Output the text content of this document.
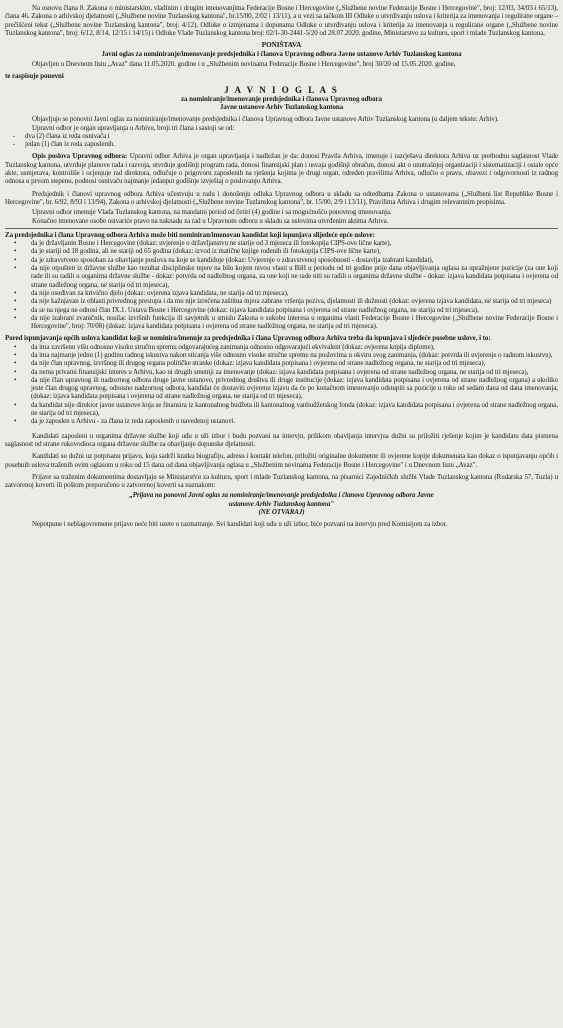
Na osnovu člana 8. Zakona o ministarskim, vladinim i drugim imenovanjima Federacije Bosne i Hercegovine („Službene novine Federacije Bosne i Hercegovine", broj: 12/03, 34/03 i 65/13), člana 46. Zakona o arhivskoj djelatnosti („Službene novine Tuzlanskog kantona", br.15/00, 2/02 i 13/11), a u vezi sa tačkom III Odluke o utvrđivanju uslova i kriterija za imenovanja i regulirane organe – prečišćeni tekst („Službene novine Tuzlanskog kantona", broj: 4/12), Odluke o izmjenama i dopunama Odluke o utvrđivanju uslova i kriterija za imenovanja u regulirane organe („Službene novine Tuzlanskog kantona", broj: 6/12, 8/14, 12/15 i 14/15) i Odluke Vlade Tuzlanskog kantona broj: 02/1-30-2441-5/20 od 28.07.2020. godine, Ministarstvo za kulturu, sport i mladе Tuzlanskog kantona,

PONIŠTAVA

Javni oglas za nominiranje/imenovanje predsjednika i članova Upravnog odbora Javne ustanove Arhiv Tuzlanskog kantona

Objavljen u Dnevnom listu „Avaz" dana 11.05.2020. godine i u „Službenim novinama Federacije Bosne i Hercegovine", broj 30/20 od 15.05.2020. godine,

te raspisuje ponovni

J A V N I O G L A S

za nominiranje/imenovanje predsjednika i članova Upravnog odbora

Javne ustanove Arhiv Tuzlanskog kantona

Objavljuje se ponovni Javni oglas za nominiranje/imenovanje predsjednika i članova Upravnog odbora Javne ustanove Arhiv Tuzlanskog kantona (u daljem tekstu: Arhiv).

Upravni odbor je organ upravljanja u Arhivu, broji tri člana i sastoji se od:

- dva (2) člana iz reda osnivača i
- jedan (1) član iz reda zaposlenih.

Opis poslova Upravnog odbora: Upravni odbor Arhiva je organ upravljanja i nadležan je da: donosi Pravila Arhiva, imenuje i razrješava direktora Arhiva uz prethodnu saglasnost Vlade Tuzlanskog kantona, utvrđuje planove rada i razvoja, utvrđuje godišnji program rada, donosi finansijski plan i usvaja godišnji obračun, donosi akt o unutrašnjoj organizaciji i sistematizaciji i ostale opće akte, usmjerava, kontroliše i ocjenjuje rad direktora, odlučuje o prigovoru zaposlenih na rješenja kojima je drugi organ, određen pravilima Arhiva, odlučio o pravu, obavezi i odgovornosti iz radnog odnosa u prvom stepenu, podnosi osnivaču najmanje jedanput godišnje izvještaj o poslovanju Arhiva.

Predsjednik i članovi upravnog odbora Arhiva učestvuju u radu i donošenju odluka Upravnog odbora u skladu sa odredbama Zakona o ustanovama („Službeni list Republike Bosne i Hercegovine", br. 6/92, 8/93 i 13/94), Zakona o arhivskoj djelatnosti („Službene novine Tuzlanskog kantona", br. 15/00, 2/9 i 13/11), Pravilima Arhiva i drugim relevantnim propisima.

Upravni odbor imenuje Vlada Tuzlanskog kantona, na mandatni period od četiri (4) godine i sa mogućnošću ponovnog imenovanja.

Konačno imenovane osobe ostvariće pravo na naknadu za rad u Upravnom odboru u skladu sa uslovima utvrđenim aktima Arhiva.

Za predsjednika i člana Upravnog odbora Arhiva može biti nominiran/imenovan kandidat koji ispunjava slijedeće opće uslove:

• da je državljanin Bosne i Hercegovine (dokaz: uvjerenje o državljanstvu ne starije od 3 mjeseca ili fotokopija CIPS-ove lične karte),
• da je stariji od 18 godina, ali ne stariji od 65 godina (dokaz: izvod iz matične knjige rođenih ili fotokopija CIPS-ove lične karte),
• da je zdravstveno sposoban za obavljanje poslova na koje se kandiduje (dokaz: Uvjerenje o zdravstvenoj sposobnosti - dostavlja izabrani kandidat),
• da nije otpušten iz državne službe kao rezultat disciplinske mjere na bilo kojem nivou vlasti u BiH u periodu od tri godine prije dana objavljivanja oglasa za upražnjene pozicije (za one koji rade ili su radili u organima državne službe - dokaz: potvrda od nadležnog organa, za one koji ne rade niti su radili u organima državne službe - dokaz: izjava kandidata potpisana i ovjerena od strane nadležnog organa, ne starija od tri mjeseca),
• da nije osuđivan za krivično djelo (dokaz: ovjerena izjava kandidata, ne starija od tri mjeseca),
• da nije kažnjavan iz oblasti privrednog prestupa i da mu nije izrečena zaštitna mjera zabrane vršenja poziva, djelatnosti ili dužnosti (dokaz: ovjerena izjava kandidata, ne starija od tri mjeseca)
• da se na njega ne odnosi član IX.1. Ustava Bosne i Hercegovine (dokaz: izjava kandidata potpisana i ovjerena od strane nadležnog organa, ne starija od tri mjeseca),
• da nije izabrani zvaničnik, nosilac izvršnih funkcija ili savjetnik u smislu Zakona o sukobu interesa u organima vlasti Federacije Bosne i Hercegovine („Službene novine Federacije Bosne i Hercegovine", broj: 70/08) (dokaz: izjava kandidata potpisana i ovjerena od strane nadležnog organa, ne starija od tri mjeseca).

Pored ispunjavanja općih uslova kandidat koji se nominira/imenuje za predsjednika i člana Upravnog odbora Arhiva treba da ispunjava i sljedeće posebne uslove, i to:

• da ima završenu višu odnosno visoku stručnu spremu odgovarajućeg zanimanja odnosno odgovarajući ekvivalent (dokaz: ovjerena kopija diplome),
• da ima najmanje jednu (1) godinu radnog iskustva nakon sticanja više odnosno visoke stručne spreme na poslovima u okviru svog zanimanja, (dokaz: potvrda ili uvjerenje o radnom iskustvu),
• da nije član upravnog, izvršnog ili drugog organa političke stranke (dokaz: izjava kandidata potpisana i ovjerena od strane nadležnog organa, ne starija od tri mjeseca),
• da nema privatni finansijski interes u Arhivu, kao ni drugih smetnji za imenovanje (dokaz: izjava kandidata potpisana i ovjerena od strane nadležnog organa, ne starija od tri mjeseca),
• da nije član upravnog ili nadzornog odbora druge javne ustanove, privrednog društva ili druge institucije (dokaz: izjava kandidata potpisana i ovjerena od strane nadležnog organa) a ukoliko jeste član drugog upravnog, odnosno nadzornog odbora, kandidat će dostaviti ovjerenu izjavu da će po konačnom imenovanju odstupiti sa pozicije u roku od sedam dana od dana imenovanja, (dokaz: izjava kandidata potpisana i ovjerena od strane nadležnog organa, ne starija od tri mjeseca),
• da kandidat nije direktor javne ustanove koja se finansira iz kantonalnog budžeta ili kantonalnog vanbudžetskog fonda (dokaz: izjava kandidata potpisana i ovjerena od strane nadležnog organa, ne starija od tri mjeseca),
• da je zaposlen u Arhivu - za člana iz reda zaposlenih u navedenoj ustanovi.

Kandidati zaposleni u organima državne službe koji uđu u uži izbor i budu pozvani na intervju, prilikom obavljanja intervjua dužni su priložiti rješenje kojim je kandidatu data pismena saglasnost od strane rukovodioca organa državne službe za obavljanje dopunske djelatnosti.

Kandidati su dužni uz potpisanu prijavu, koja sadrži kratku biografiju, adresu i kontakt telefon, priložiti originalne dokumente ili ovjerene kopije dokumenata kao dokaz o ispunjavanju općih i posebnih uslova traženih ovim oglasom u roku od 15 dana od dana objavljivanja oglasa u „Službenim novinama Federacije Bosne i Hercegovine" i u Dnevnom listu „Avaz".

Prijave sa traženim dokumentima dostavljaju se Ministarstvu za kulturu, sport i mlade Tuzlanskog kantona, na pisarnici Zajedničkih službi Vlade Tuzlanskog kantona (Rudarska 57, Tuzla) u zatvorenoj koverti ili poštom preporučeno u zatvorenoj koverti sa naznakom:

„Prijava na ponovni Javni oglas za nominiranje/imenovanje predsjednika i članova Upravnog odbora Javne

ustanove Arhiv Tuzlanskog kantona"

(NE OTVARAJ)

Nepotpune i neblagovremene prijave neće biti uzete u razmatranje. Svi kandidati koji uđu u uži izbor, biće pozvani na intervju pred Komisijom za izbor.
